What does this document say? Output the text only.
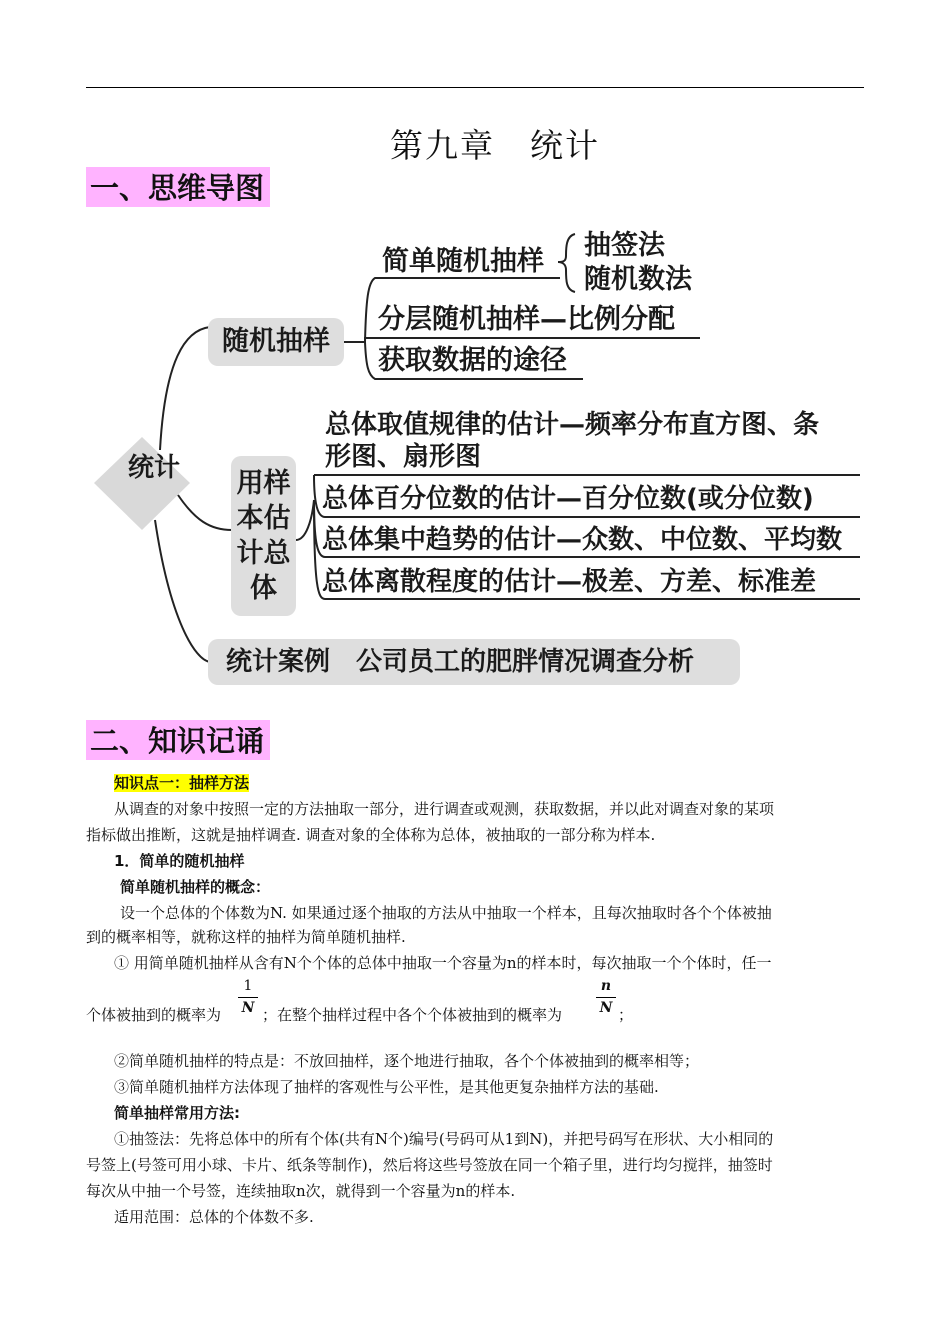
第九章　统计
一、思维导图
统计
随机抽样
简单随机抽样
抽签法
随机数法
分层随机抽样—比例分配
获取数据的途径
用样
本估
计总
体
总体取值规律的估计—频率分布直方图、条
形图、扇形图
总体百分位数的估计—百分位数(或分位数)
总体集中趋势的估计—众数、中位数、平均数
总体离散程度的估计—极差、方差、标准差
统计案例　公司员工的肥胖情况调查分析
二、知识记诵
知识点一：抽样方法
从调查的对象中按照一定的方法抽取一部分，进行调查或观测，获取数据，并以此对调查对象的某项
指标做出推断，这就是抽样调查. 调查对象的全体称为总体，被抽取的一部分称为样本.
1．简单的随机抽样
简单随机抽样的概念：
设一个总体的个体数为N. 如果通过逐个抽取的方法从中抽取一个样本，且每次抽取时各个个体被抽
到的概率相等，就称这样的抽样为简单随机抽样.
① 用简单随机抽样从含有N个个体的总体中抽取一个容量为n的样本时，每次抽取一个个体时，任一
个体被抽到的概率为 $\frac{1}{N}$ ；在整个抽样过程中各个个体被抽到的概率为 $\frac{n}{N}$ ；
②简单随机抽样的特点是：不放回抽样，逐个地进行抽取，各个个体被抽到的概率相等；
③简单随机抽样方法体现了抽样的客观性与公平性，是其他更复杂抽样方法的基础.
简单抽样常用方法:
①抽签法：先将总体中的所有个体(共有N个)编号(号码可从1到N)，并把号码写在形状、大小相同的
号签上(号签可用小球、卡片、纸条等制作)，然后将这些号签放在同一个箱子里，进行均匀搅拌，抽签时
每次从中抽一个号签，连续抽取n次，就得到一个容量为n的样本.
适用范围：总体的个体数不多.
